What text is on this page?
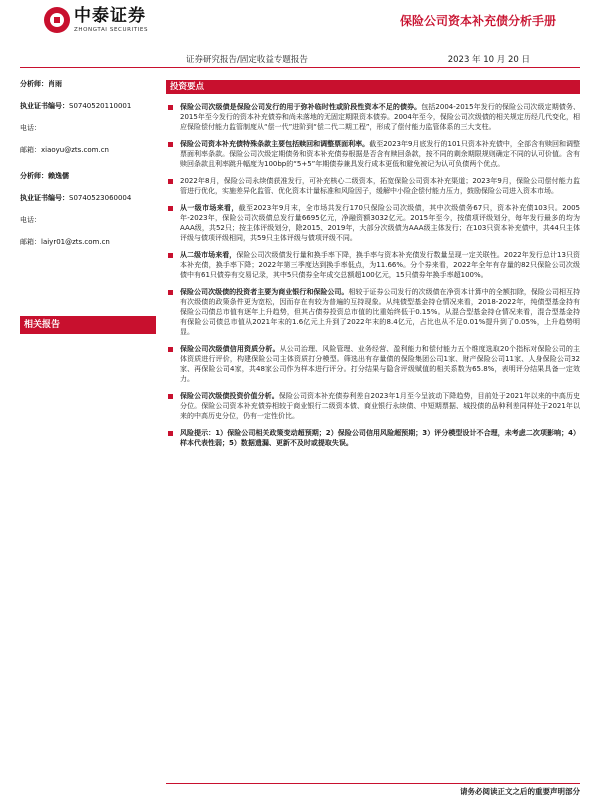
中泰证券
ZHONGTAI SECURITIES
保险公司资本补充债分析手册
证券研究报告/固定收益专题报告	2023 年 10 月 20 日
分析师：肖雨
执业证书编号：S0740520110001
电话：
邮箱：xiaoyu@zts.com.cn
分析师：赖逸儒
执业证书编号：S0740523060004
电话：
邮箱：laiyr01@zts.com.cn
相关报告
投资要点
保险公司次级债是保险公司发行的用于弥补临时性或阶段性资本不足的债券。包括2004-2015年发行的保险公司次级定期债务、2015年至今发行的资本补充债券和尚未落地的无固定期限资本债券。2004年至今，保险公司次级债的相关规定历经几代变化，相应保险偿付能力监管制度从“偿一代”进阶到“偿二代二期工程”，形成了偿付能力监管体系的三大支柱。
保险公司资本补充债特殊条款主要包括赎回和调整票面利率。截至2023年9月底发行的101只资本补充债中，全部含有赎回和调整票面利率条款。保险公司次级定期债务和资本补充债券根据是否含有赎回条款，按不同的剩余期限规则确定不同的认可价值。含有赎回条款且利率跳升幅度为100bp的“5+5”年期债券兼具发行成本更低和避免被记为认可负债两个优点。
2022年8月，保险公司永续债获准发行，可补充核心二级资本，拓宽保险公司资本补充渠道；2023年9月，保险公司偿付能力监管进行优化，实施差异化监管、优化资本计量标准和风险因子，缓解中小险企偿付能力压力，鼓励保险公司进入资本市场。
从一级市场来看，截至2023年9月末，全市场共发行170只保险公司次级债，其中次级债务67只，资本补充债103只。2005年-2023年，保险公司次级债总发行量6695亿元，净融资额3032亿元。2015年至今，按债项评级划分，每年发行最多的均为AAA级，共52只；按主体评级划分，除2015、2019年，大部分次级债为AAA级主体发行；在103只资本补充债中，共44只主体评级与债项评级相同，共59只主体评级与债项评级不同。
从二级市场来看，保险公司次级债发行量和换手率下降，换手率与资本补充债发行数量呈现一定关联性。2022年发行总计13只资本补充债，换手率下降；2022年第三季度达到换手率低点，为11.66%。分个券来看，2022年全年有存量的82只保险公司次级债中有61只债券有交易记录，其中5只债券全年成交总额超100亿元，15只债券年换手率超100%。
保险公司次级债的投资者主要为商业银行和保险公司。相较于证券公司发行的次级债在净资本计算中的全额扣除，保险公司相互持有次级债的政策条件更为宽松，因而存在有较为普遍的互持现象。从纯债型基金持仓情况来看，2018-2022年，纯债型基金持有保险公司债总市值有逐年上升趋势，但其占债券投资总市值的比重始终低于0.15%。从混合型基金持仓情况来看，混合型基金持有保险公司债总市值从2021年末的1.6亿元上升到了2022年末的8.4亿元，占比也从不足0.01%提升到了0.05%，上升趋势明显。
保险公司次级债信用资质分析。从公司治理、风险管理、业务经营、盈利能力和偿付能力五个维度选取20个指标对保险公司的主体资质进行评价，构建保险公司主体资质打分模型。筛选出有存量债的保险集团公司1家、财产保险公司11家、人身保险公司32家、再保险公司4家，共48家公司作为样本进行评分。打分结果与隐含评级赋值的相关系数为65.8%，表明评分结果具备一定效力。
保险公司次级债投资价值分析。保险公司资本补充债券利差自2023年1月至今呈波动下降趋势，目前处于2021年以来的中高历史分位。保险公司资本补充债券相较于商业银行二级资本债、商业银行永续债、中短期票据、城投债的品种利差同样处于2021年以来的中高历史分位，仍有一定性价比。
风险提示：1）保险公司相关政策变动超预期；2）保险公司信用风险超预期；3）评分模型设计不合理，未考虑二次项影响；4）样本代表性弱；5）数据遗漏、更新不及时或提取失误。
请务必阅读正文之后的重要声明部分
